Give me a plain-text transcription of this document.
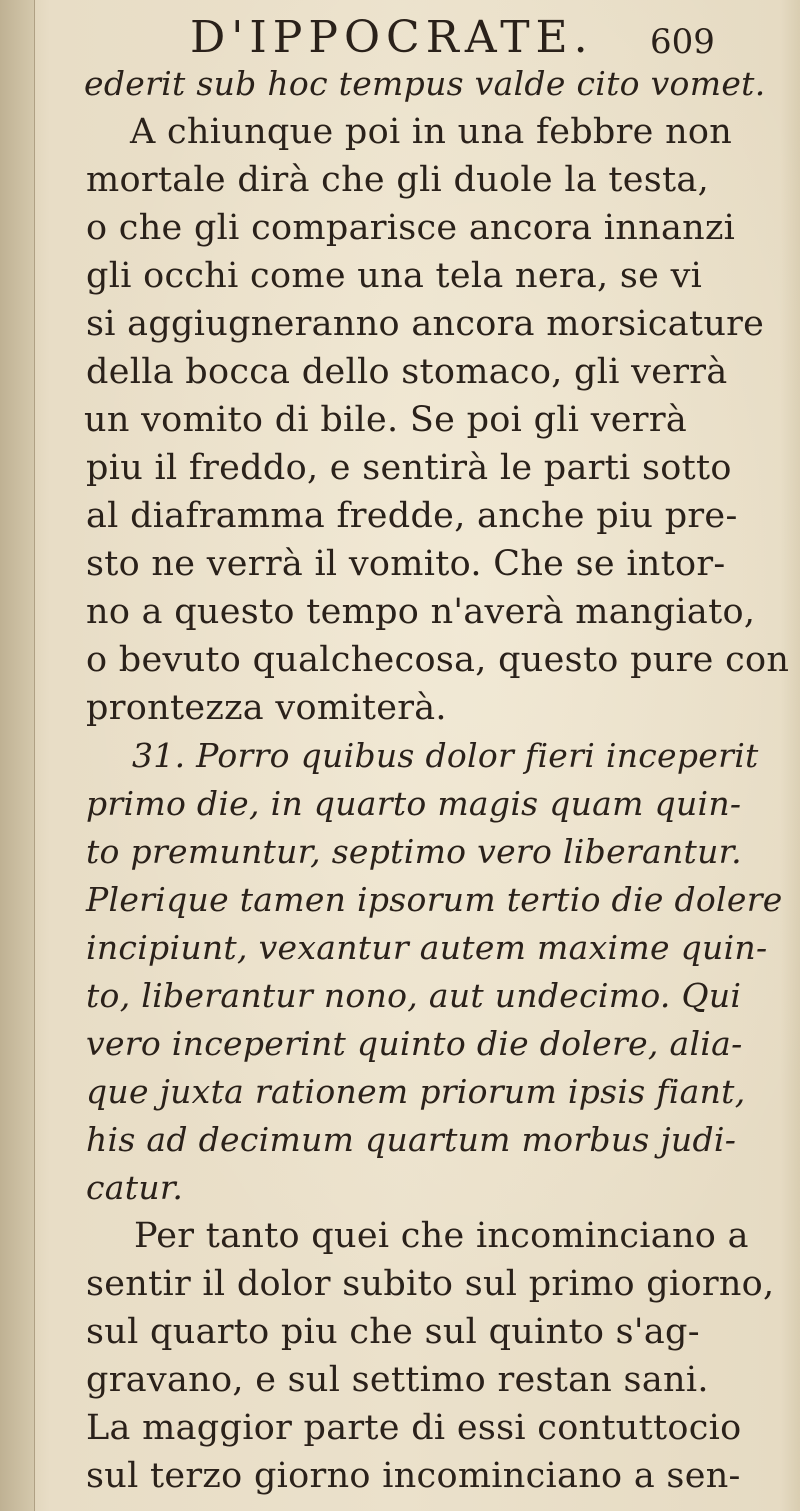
D'IPPOCRATE. 609
ederit sub hoc tempus valde cito vomet.
A chiunque poi in una febbre non
mortale dirà che gli duole la testa,
o che gli comparisce ancora innanzi
gli occhi come una tela nera, se vi
si aggiugneranno ancora morsicature
della bocca dello stomaco, gli verrà
un vomito di bile. Se poi gli verrà
piu il freddo, e sentirà le parti sotto
al diaframma fredde, anche piu pre-
sto ne verrà il vomito. Che se intor-
no a questo tempo n'averà mangiato,
o bevuto qualchecosa, questo pure con
prontezza vomiterà.
31. Porro quibus dolor fieri inceperit
primo die, in quarto magis quam quin-
to premuntur, septimo vero liberantur.
Plerique tamen ipsorum tertio die dolere
incipiunt, vexantur autem maxime quin-
to, liberantur nono, aut undecimo. Qui
vero inceperint quinto die dolere, alia-
que juxta rationem priorum ipsis fiant,
his ad decimum quartum morbus judi-
catur.
Per tanto quei che incominciano a
sentir il dolor subito sul primo giorno,
sul quarto piu che sul quinto s'ag-
gravano, e sul settimo restan sani.
La maggior parte di essi contuttocio
sul terzo giorno incominciano a sen-
